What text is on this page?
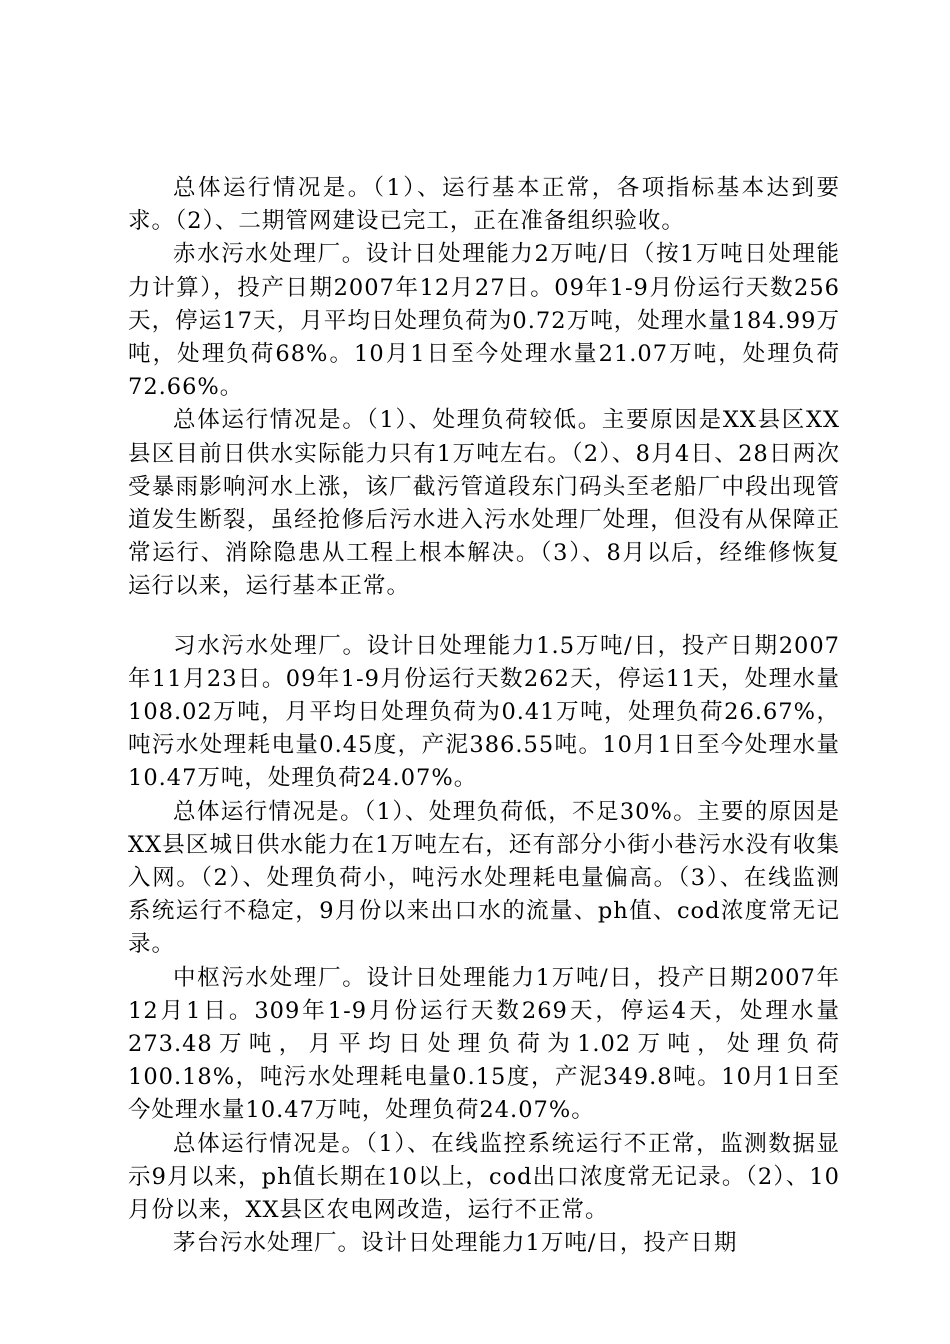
总体运行情况是。（1）、运行基本正常，各项指标基本达到要求。（2）、二期管网建设已完工，正在准备组织验收。

赤水污水处理厂。设计日处理能力2万吨/日（按1万吨日处理能力计算），投产日期2007年12月27日。09年1-9月份运行天数256天，停运17天，月平均日处理负荷为0.72万吨，处理水量184.99万吨，处理负荷68%。10月1日至今处理水量21.07万吨，处理负荷72.66%。

总体运行情况是。（1）、处理负荷较低。主要原因是XX县区XX县区目前日供水实际能力只有1万吨左右。（2）、8月4日、28日两次受暴雨影响河水上涨，该厂截污管道段东门码头至老船厂中段出现管道发生断裂，虽经抢修后污水进入污水处理厂处理，但没有从保障正常运行、消除隐患从工程上根本解决。（3）、8月以后，经维修恢复运行以来，运行基本正常。

习水污水处理厂。设计日处理能力1.5万吨/日，投产日期2007年11月23日。09年1-9月份运行天数262天，停运11天，处理水量108.02万吨，月平均日处理负荷为0.41万吨，处理负荷26.67%，吨污水处理耗电量0.45度，产泥386.55吨。10月1日至今处理水量10.47万吨，处理负荷24.07%。

总体运行情况是。（1）、处理负荷低，不足30%。主要的原因是XX县区城日供水能力在1万吨左右，还有部分小街小巷污水没有收集入网。（2）、处理负荷小，吨污水处理耗电量偏高。（3）、在线监测系统运行不稳定，9月份以来出口水的流量、ph值、cod浓度常无记录。

中枢污水处理厂。设计日处理能力1万吨/日，投产日期2007年12月1日。309年1-9月份运行天数269天，停运4天，处理水量273.48万吨，月平均日处理负荷为1.02万吨，处理负荷100.18%，吨污水处理耗电量0.15度，产泥349.8吨。10月1日至今处理水量10.47万吨，处理负荷24.07%。

总体运行情况是。（1）、在线监控系统运行不正常，监测数据显示9月以来，ph值长期在10以上，cod出口浓度常无记录。（2）、10月份以来，XX县区农电网改造，运行不正常。

茅台污水处理厂。设计日处理能力1万吨/日，投产日期
